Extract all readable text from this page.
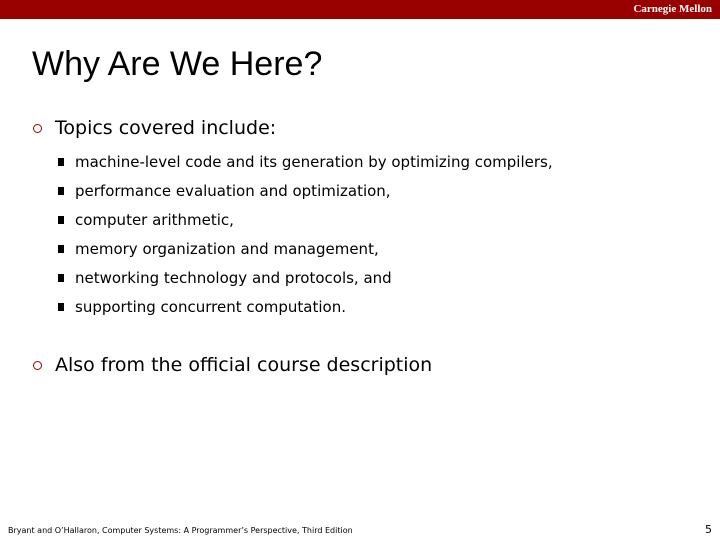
Carnegie Mellon
Why Are We Here?
Topics covered include:
machine-level code and its generation by optimizing compilers,
performance evaluation and optimization,
computer arithmetic,
memory organization and management,
networking technology and protocols, and
supporting concurrent computation.
Also from the official course description
Bryant and O’Hallaron, Computer Systems: A Programmer’s Perspective, Third Edition	5
